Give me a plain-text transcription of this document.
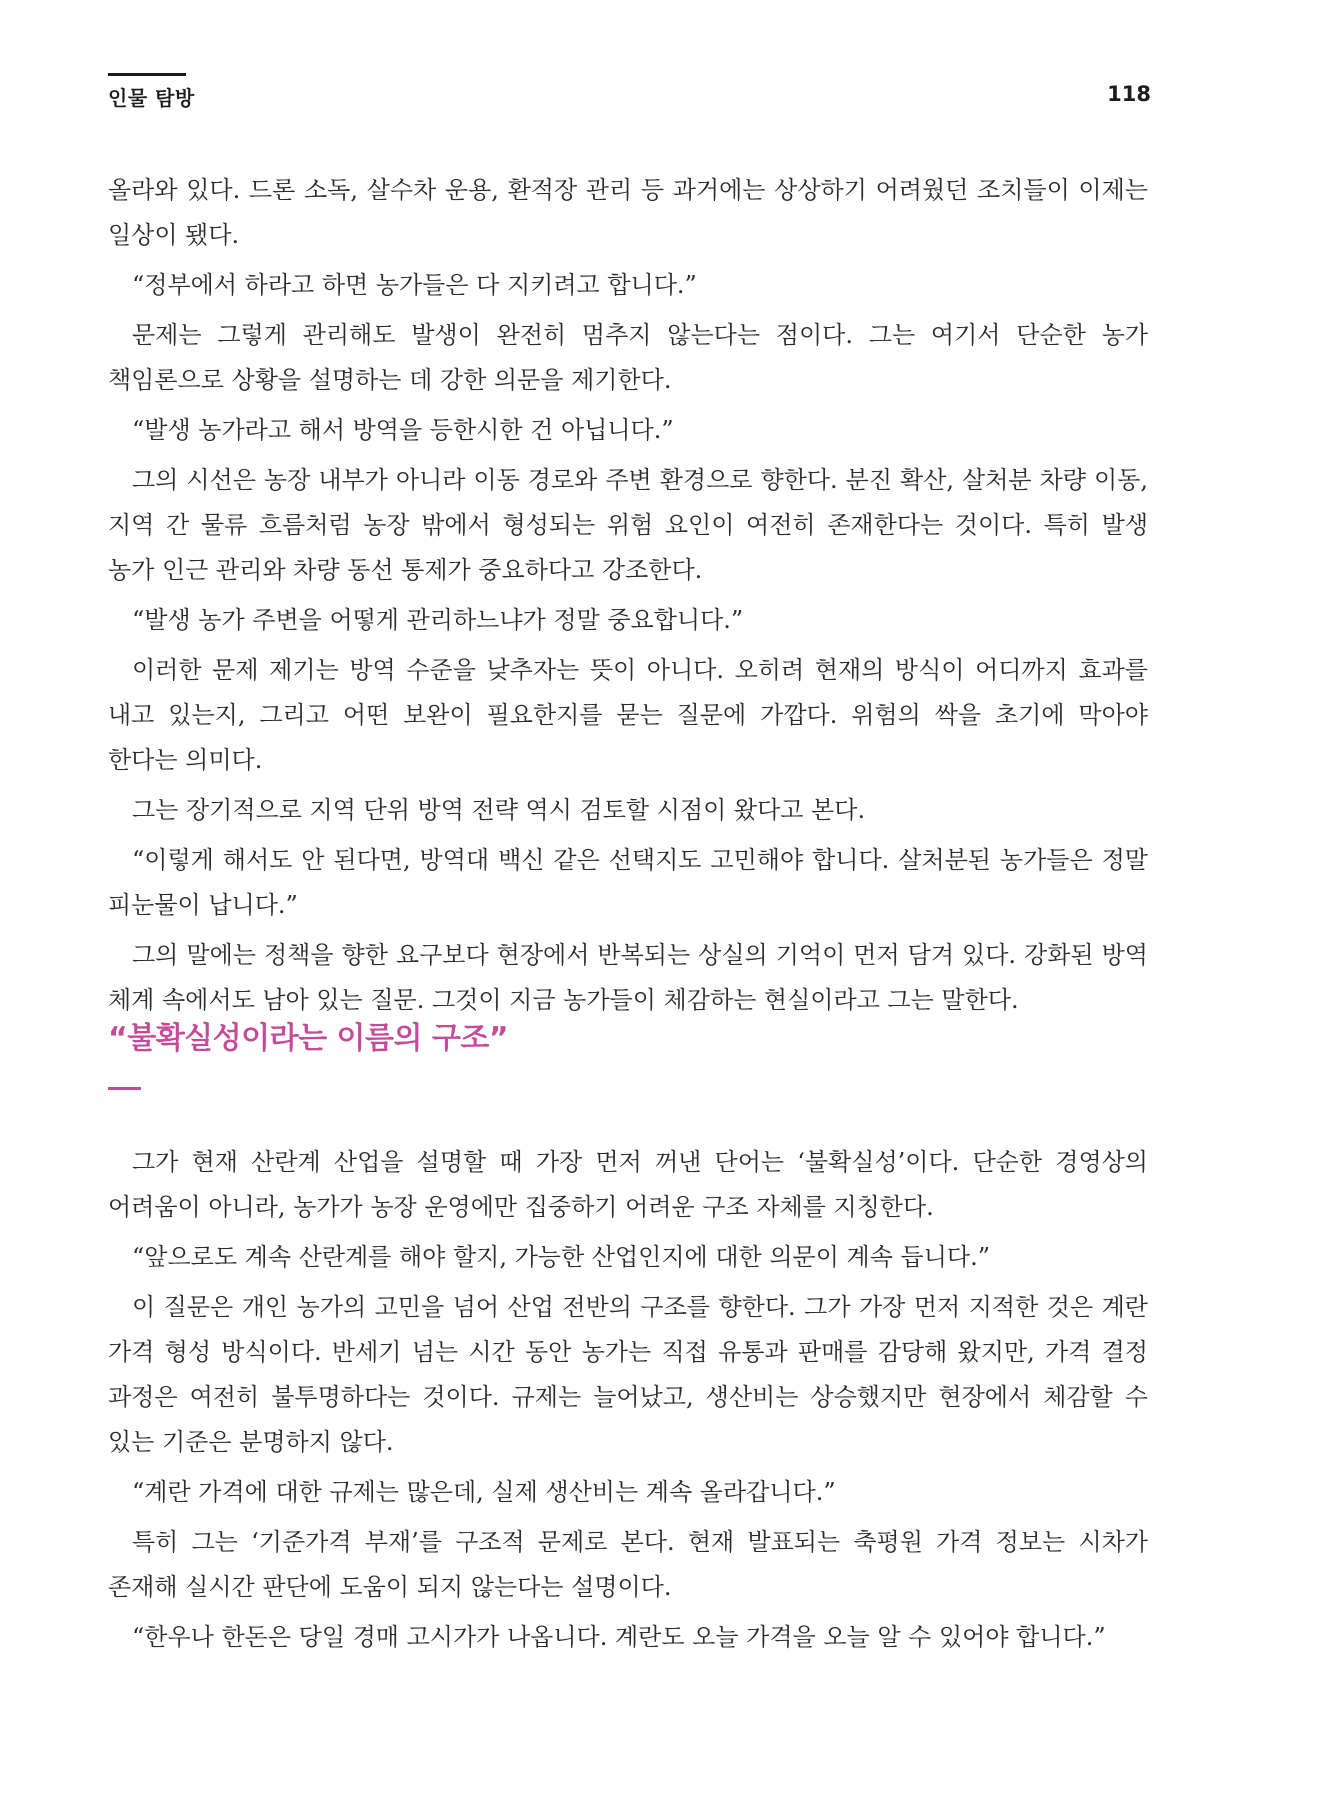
인물 탐방	118

올라와 있다. 드론 소독, 살수차 운용, 환적장 관리 등 과거에는 상상하기 어려웠던 조치들이 이제는 일상이 됐다.

“정부에서 하라고 하면 농가들은 다 지키려고 합니다.”

문제는 그렇게 관리해도 발생이 완전히 멈추지 않는다는 점이다. 그는 여기서 단순한 농가 책임론으로 상황을 설명하는 데 강한 의문을 제기한다.

“발생 농가라고 해서 방역을 등한시한 건 아닙니다.”

그의 시선은 농장 내부가 아니라 이동 경로와 주변 환경으로 향한다. 분진 확산, 살처분 차량 이동, 지역 간 물류 흐름처럼 농장 밖에서 형성되는 위험 요인이 여전히 존재한다는 것이다. 특히 발생 농가 인근 관리와 차량 동선 통제가 중요하다고 강조한다.

“발생 농가 주변을 어떻게 관리하느냐가 정말 중요합니다.”

이러한 문제 제기는 방역 수준을 낮추자는 뜻이 아니다. 오히려 현재의 방식이 어디까지 효과를 내고 있는지, 그리고 어떤 보완이 필요한지를 묻는 질문에 가깝다. 위험의 싹을 초기에 막아야 한다는 의미다.

그는 장기적으로 지역 단위 방역 전략 역시 검토할 시점이 왔다고 본다.

“이렇게 해서도 안 된다면, 방역대 백신 같은 선택지도 고민해야 합니다. 살처분된 농가들은 정말 피눈물이 납니다.”

그의 말에는 정책을 향한 요구보다 현장에서 반복되는 상실의 기억이 먼저 담겨 있다. 강화된 방역 체계 속에서도 남아 있는 질문. 그것이 지금 농가들이 체감하는 현실이라고 그는 말한다.

“불확실성이라는 이름의 구조”

그가 현재 산란계 산업을 설명할 때 가장 먼저 꺼낸 단어는 ‘불확실성’이다. 단순한 경영상의 어려움이 아니라, 농가가 농장 운영에만 집중하기 어려운 구조 자체를 지칭한다.

“앞으로도 계속 산란계를 해야 할지, 가능한 산업인지에 대한 의문이 계속 듭니다.”

이 질문은 개인 농가의 고민을 넘어 산업 전반의 구조를 향한다. 그가 가장 먼저 지적한 것은 계란 가격 형성 방식이다. 반세기 넘는 시간 동안 농가는 직접 유통과 판매를 감당해 왔지만, 가격 결정 과정은 여전히 불투명하다는 것이다. 규제는 늘어났고, 생산비는 상승했지만 현장에서 체감할 수 있는 기준은 분명하지 않다.

“계란 가격에 대한 규제는 많은데, 실제 생산비는 계속 올라갑니다.”

특히 그는 ‘기준가격 부재’를 구조적 문제로 본다. 현재 발표되는 축평원 가격 정보는 시차가 존재해 실시간 판단에 도움이 되지 않는다는 설명이다.

“한우나 한돈은 당일 경매 고시가가 나옵니다. 계란도 오늘 가격을 오늘 알 수 있어야 합니다.”
